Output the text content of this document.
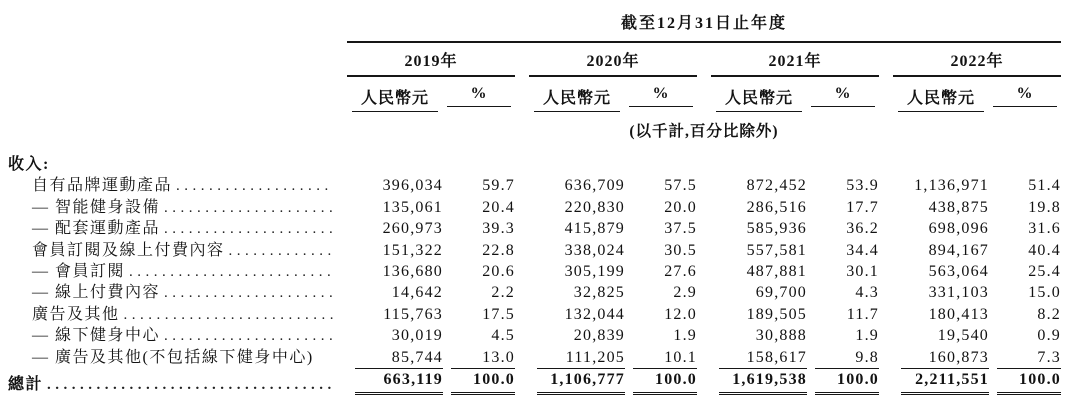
截至12月31日止年度
2019年	2020年	2021年	2022年
人民幣元	%	人民幣元	%	人民幣元	%	人民幣元	%
(以千計,百分比除外)
收入:
自有品牌運動產品 .....	396,034	59.7	636,709	57.5	872,452	53.9	1,136,971	51.4
— 智能健身設備 .....	135,061	20.4	220,830	20.0	286,516	17.7	438,875	19.8
— 配套運動產品 .....	260,973	39.3	415,879	37.5	585,936	36.2	698,096	31.6
會員訂閱及線上付費內容 .....	151,322	22.8	338,024	30.5	557,581	34.4	894,167	40.4
— 會員訂閱 .....	136,680	20.6	305,199	27.6	487,881	30.1	563,064	25.4
— 線上付費內容 .....	14,642	2.2	32,825	2.9	69,700	4.3	331,103	15.0
廣告及其他 .....	115,763	17.5	132,044	12.0	189,505	11.7	180,413	8.2
— 線下健身中心 .....	30,019	4.5	20,839	1.9	30,888	1.9	19,540	0.9
— 廣告及其他(不包括線下健身中心)	85,744	13.0	111,205	10.1	158,617	9.8	160,873	7.3
總計 .....	663,119	100.0	1,106,777	100.0	1,619,538	100.0	2,211,551	100.0
